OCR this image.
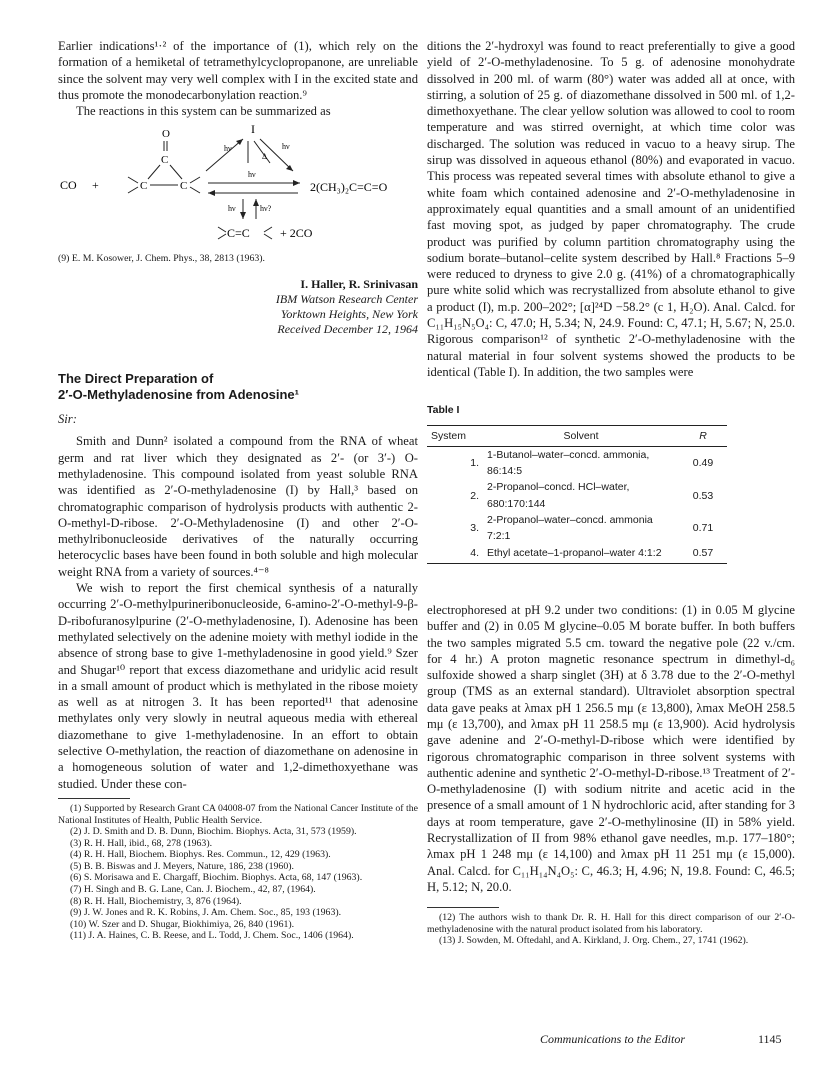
Earlier indications¹·² of the importance of (1), which rely on the formation of a hemiketal of tetramethylcyclopropanone, are unreliable since the solvent may very well complex with I in the excited state and thus promote the monodecarbonylation reaction.⁹

The reactions in this system can be summarized as

CO +
O
C
C	C
I
hν	hν
Δ
hν
hν	hν?
2(CH₃)₂C=C=O
C=C	+ 2CO

(9) E. M. Kosower, J. Chem. Phys., 38, 2813 (1963).

I. Haller, R. Srinivasan
IBM Watson Research Center
Yorktown Heights, New York
Received December 12, 1964
The Direct Preparation of
2′-O-Methyladenosine from Adenosine¹

Sir:

Smith and Dunn² isolated a compound from the RNA of wheat germ and rat liver which they designated as 2′- (or 3′-) O-methyladenosine. This compound isolated from yeast soluble RNA was identified as 2′-O-methyladenosine (I) by Hall,³ based on chromatographic comparison of hydrolysis products with authentic 2-O-methyl-D-ribose. 2′-O-Methyladenosine (I) and other 2′-O-methylribonucleoside derivatives of the naturally occurring heterocyclic bases have been found in both soluble and high molecular weight RNA from a variety of sources.⁴⁻⁸

We wish to report the first chemical synthesis of a naturally occurring 2′-O-methylpurineribonucleoside, 6-amino-2′-O-methyl-9-β-D-ribofuranosylpurine (2′-O-methyladenosine, I). Adenosine has been methylated selectively on the adenine moiety with methyl iodide in the absence of strong base to give 1-methyladenosine in good yield.⁹ Szer and Shugar¹⁰ report that excess diazomethane and uridylic acid result in a small amount of product which is methylated in the ribose moiety as well as at nitrogen 3. It has been reported¹¹ that adenosine methylates only very slowly in neutral aqueous media with ethereal diazomethane to give 1-methyladenosine. In an effort to obtain selective O-methylation, the reaction of diazomethane on adenosine in a homogeneous solution of water and 1,2-dimethoxyethane was studied. Under these con-

(1) Supported by Research Grant CA 04008-07 from the National Cancer Institute of the National Institutes of Health, Public Health Service.

(2) J. D. Smith and D. B. Dunn, Biochim. Biophys. Acta, 31, 573 (1959).

(3) R. H. Hall, ibid., 68, 278 (1963).

(4) R. H. Hall, Biochem. Biophys. Res. Commun., 12, 429 (1963).

(5) B. B. Biswas and J. Meyers, Nature, 186, 238 (1960).

(6) S. Morisawa and E. Chargaff, Biochim. Biophys. Acta, 68, 147 (1963).

(7) H. Singh and B. G. Lane, Can. J. Biochem., 42, 87, (1964).

(8) R. H. Hall, Biochemistry, 3, 876 (1964).

(9) J. W. Jones and R. K. Robins, J. Am. Chem. Soc., 85, 193 (1963).

(10) W. Szer and D. Shugar, Biokhimiya, 26, 840 (1961).

(11) J. A. Haines, C. B. Reese, and L. Todd, J. Chem. Soc., 1406 (1964).

ditions the 2′-hydroxyl was found to react preferentially to give a good yield of 2′-O-methyladenosine. To 5 g. of adenosine monohydrate dissolved in 200 ml. of warm (80°) water was added all at once, with stirring, a solution of 25 g. of diazomethane dissolved in 500 ml. of 1,2-dimethoxyethane. The clear yellow solution was allowed to cool to room temperature and was stirred overnight, at which time color was discharged. The solution was reduced in vacuo to a heavy sirup. The sirup was dissolved in aqueous ethanol (80%) and evaporated in vacuo. This process was repeated several times with absolute ethanol to give a white foam which contained adenosine and 2′-O-methyladenosine in approximately equal quantities and a small amount of an unidentified fast moving spot, as judged by paper chromatography. The crude product was purified by column partition chromatography using the sodium borate–butanol–celite system described by Hall.⁸ Fractions 5–9 were reduced to dryness to give 2.0 g. (41%) of a chromatographically pure white solid which was recrystallized from absolute ethanol to give a product (I), m.p. 200–202°; [α]²⁴D −58.2° (c 1, H₂O). Anal. Calcd. for C₁₁H₁₅N₅O₄: C, 47.0; H, 5.34; N, 24.9. Found: C, 47.1; H, 5.67; N, 25.0. Rigorous comparison¹² of synthetic 2′-O-methyladenosine with the natural material in four solvent systems showed the products to be identical (Table I). In addition, the two samples were

Table I
System	Solvent	R
1.	1-Butanol–water–concd. ammonia, 86:14:5	0.49
2.	2-Propanol–concd. HCl–water, 680:170:144	0.53
3.	2-Propanol–water–concd. ammonia 7:2:1	0.71
4.	Ethyl acetate–1-propanol–water 4:1:2	0.57

electrophoresed at pH 9.2 under two conditions: (1) in 0.05 M glycine buffer and (2) in 0.05 M glycine–0.05 M borate buffer. In both buffers the two samples migrated 5.5 cm. toward the negative pole (22 v./cm. for 4 hr.) A proton magnetic resonance spectrum in dimethyl-d₆ sulfoxide showed a sharp singlet (3H) at δ 3.78 due to the 2′-O-methyl group (TMS as an external standard). Ultraviolet absorption spectral data gave peaks at λmax pH 1 256.5 mμ (ε 13,800), λmax MeOH 258.5 mμ (ε 13,700), and λmax pH 11 258.5 mμ (ε 13,900). Acid hydrolysis gave adenine and 2′-O-methyl-D-ribose which were identified by rigorous chromatographic comparison in three solvent systems with authentic adenine and synthetic 2′-O-methyl-D-ribose.¹³ Treatment of 2′-O-methyladenosine (I) with sodium nitrite and acetic acid in the presence of a small amount of 1 N hydrochloric acid, after standing for 3 days at room temperature, gave 2′-O-methylinosine (II) in 58% yield. Recrystallization of II from 98% ethanol gave needles, m.p. 177–180°; λmax pH 1 248 mμ (ε 14,100) and λmax pH 11 251 mμ (ε 15,000). Anal. Calcd. for C₁₁H₁₄N₄O₅: C, 46.3; H, 4.96; N, 19.8. Found: C, 46.5; H, 5.12; N, 20.0.

(12) The authors wish to thank Dr. R. H. Hall for this direct comparison of our 2′-O-methyladenosine with the natural product isolated from his laboratory.

(13) J. Sowden, M. Oftedahl, and A. Kirkland, J. Org. Chem., 27, 1741 (1962).

Communications to the Editor	1145
